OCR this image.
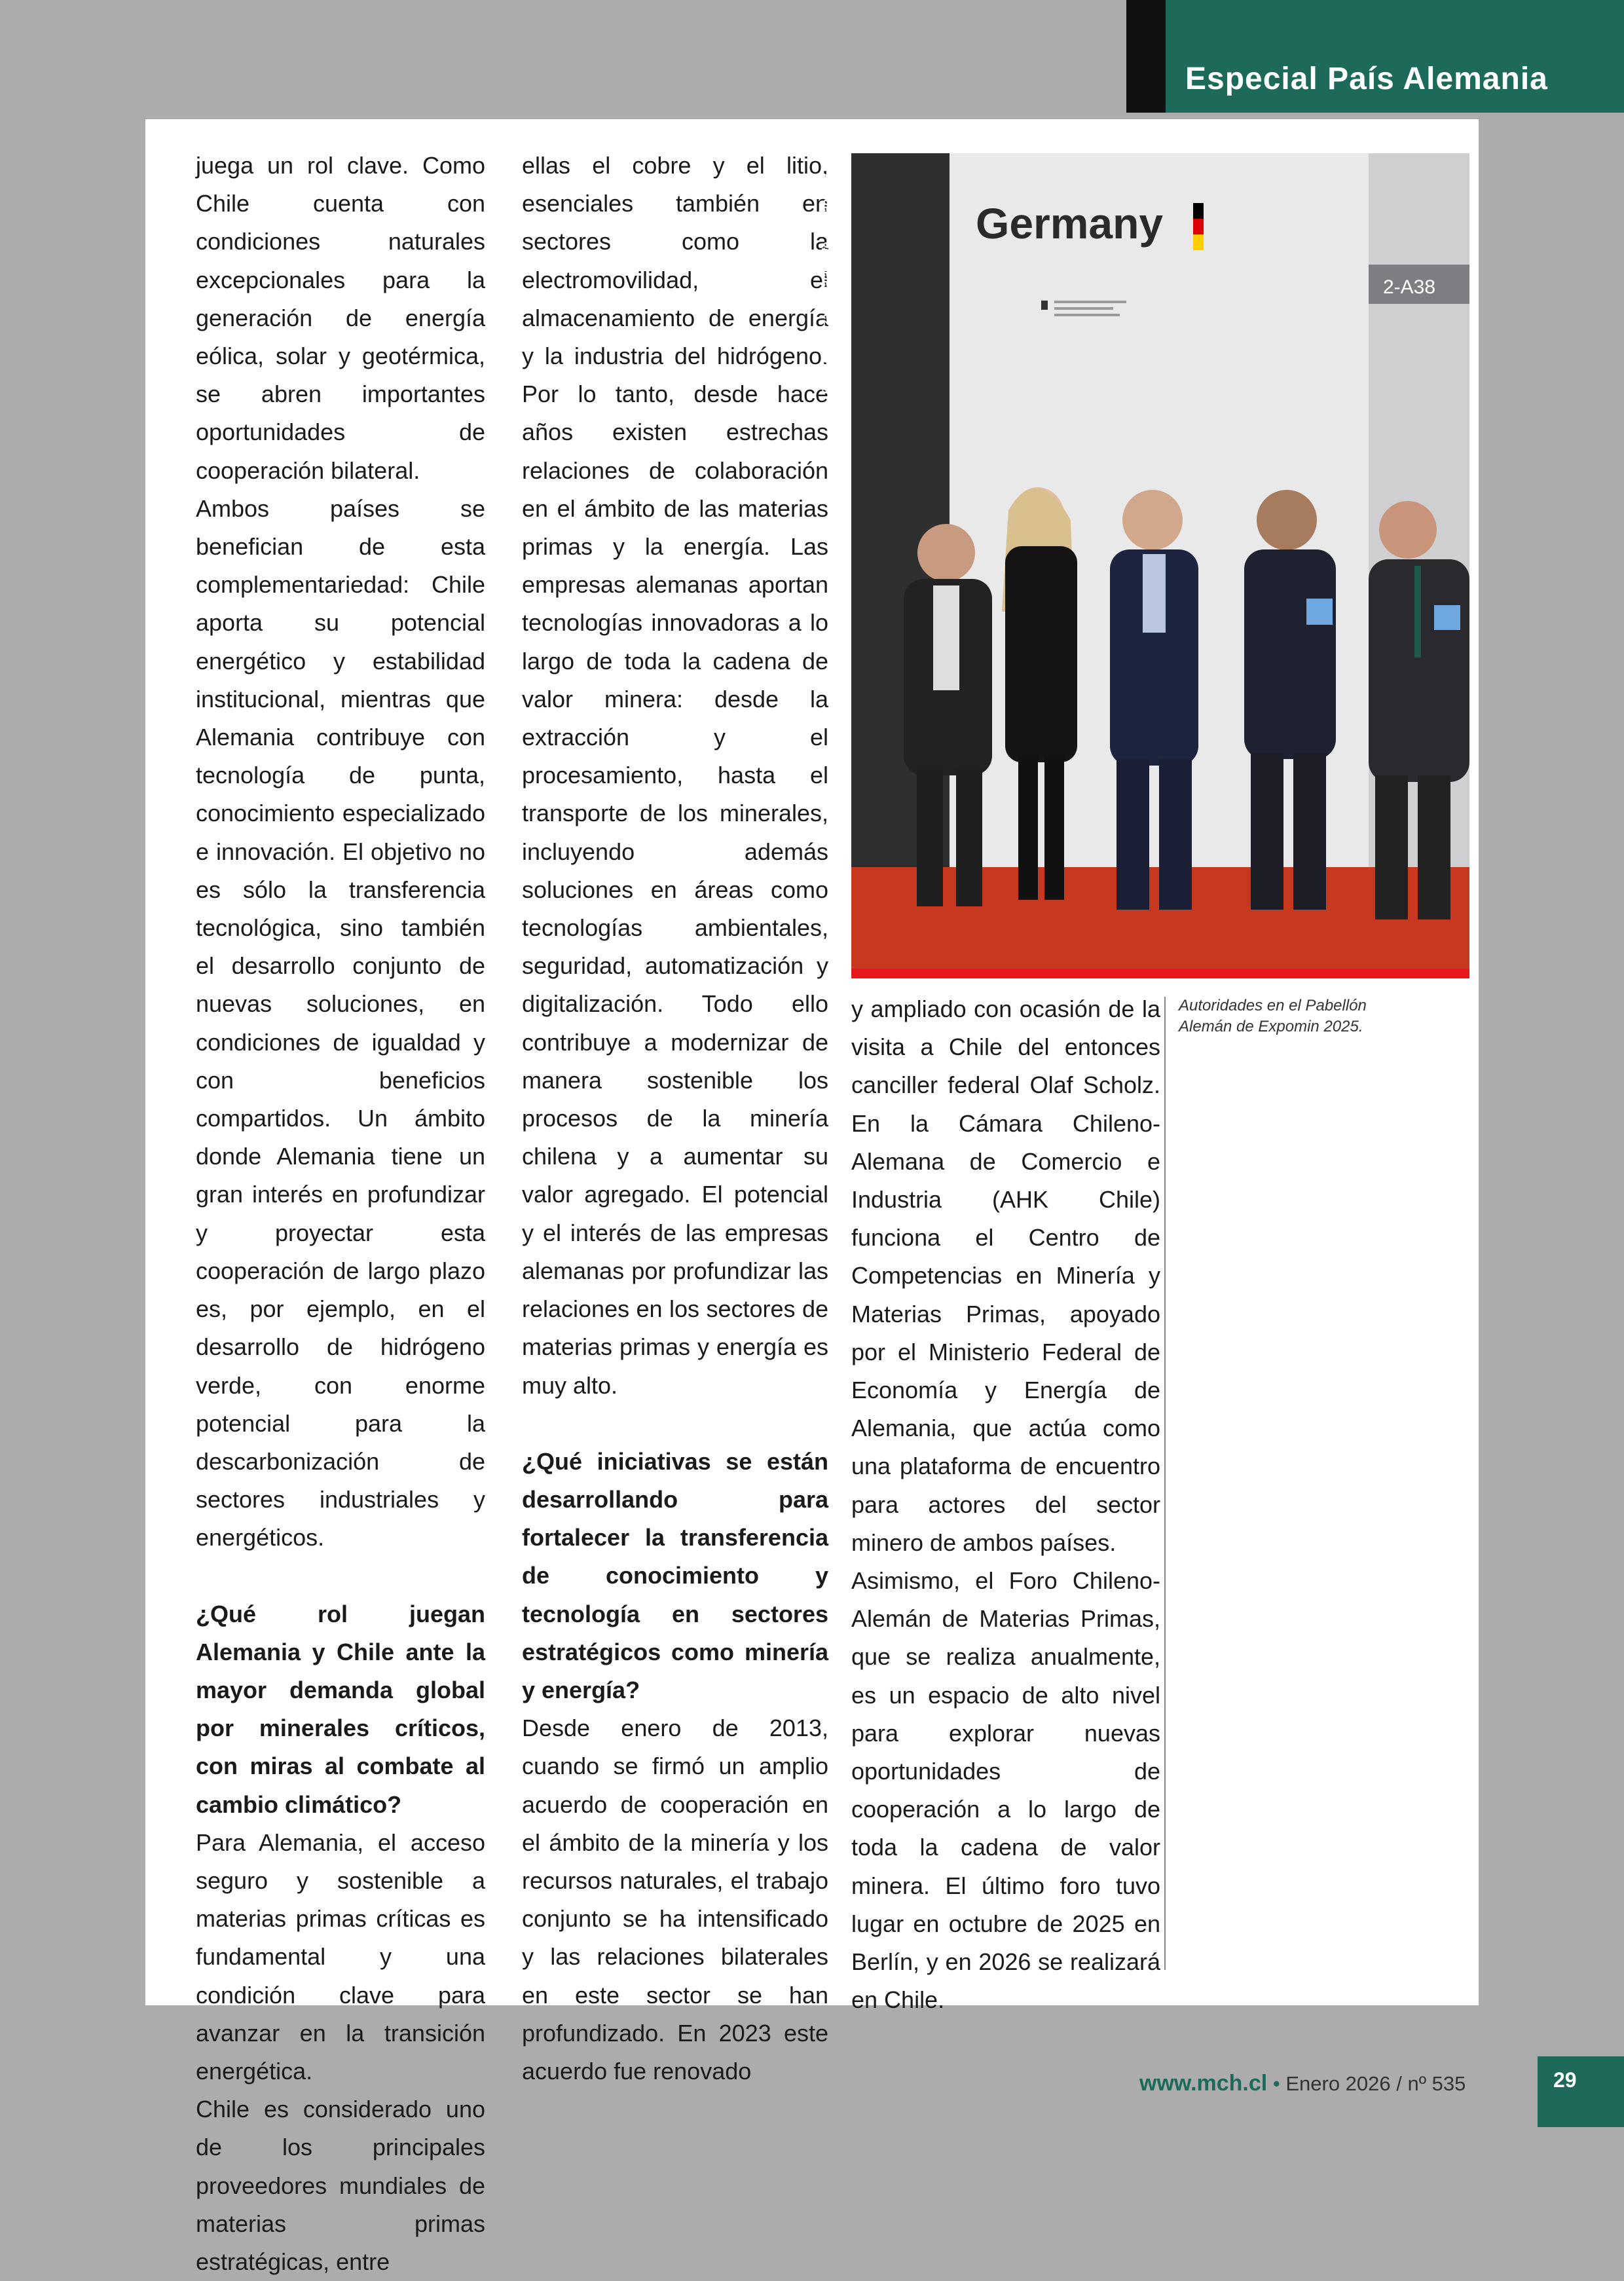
Especial País Alemania

juega un rol clave. Como Chile cuenta con condiciones naturales excepcionales para la generación de energía eólica, solar y geotérmica, se abren importantes oportunidades de cooperación bilateral.

Ambos países se benefician de esta complementariedad: Chile aporta su potencial energético y estabilidad institucional, mientras que Alemania contribuye con tecnología de punta, conocimiento especializado e innovación. El objetivo no es sólo la transferencia tecnológica, sino también el desarrollo conjunto de nuevas soluciones, en condiciones de igualdad y con beneficios compartidos. Un ámbito donde Alemania tiene un gran interés en profundizar y proyectar esta cooperación de largo plazo es, por ejemplo, en el desarrollo de hidrógeno verde, con enorme potencial para la descarbonización de sectores industriales y energéticos.

¿Qué rol juegan Alemania y Chile ante la mayor demanda global por minerales críticos, con miras al combate al cambio climático?

Para Alemania, el acceso seguro y sostenible a materias primas críticas es fundamental y una condición clave para avanzar en la transición energética.

Chile es considerado uno de los principales proveedores mundiales de materias primas estratégicas, entre

ellas el cobre y el litio, esenciales también en sectores como la electromovilidad, el almacenamiento de energía y la industria del hidrógeno. Por lo tanto, desde hace años existen estrechas relaciones de colaboración en el ámbito de las materias primas y la energía. Las empresas alemanas aportan tecnologías innovadoras a lo largo de toda la cadena de valor minera: desde la extracción y el procesamiento, hasta el transporte de los minerales, incluyendo además soluciones en áreas como tecnologías ambientales, seguridad, automatización y digitalización. Todo ello contribuye a modernizar de manera sostenible los procesos de la minería chilena y a aumentar su valor agregado. El potencial y el interés de las empresas alemanas por profundizar las relaciones en los sectores de materias primas y energía es muy alto.

¿Qué iniciativas se están desarrollando para fortalecer la transferencia de conocimiento y tecnología en sectores estratégicos como minería y energía?

Desde enero de 2013, cuando se firmó un amplio acuerdo de cooperación en el ámbito de la minería y los recursos naturales, el trabajo conjunto se ha intensificado y las relaciones bilaterales en este sector se han profundizado. En 2023 este acuerdo fue renovado

Germany
2-A38
Foto: Gentileza Embajada de Alemania en Chile

y ampliado con ocasión de la visita a Chile del entonces canciller federal Olaf Scholz. En la Cámara Chileno-Alemana de Comercio e Industria (AHK Chile) funciona el Centro de Competencias en Minería y Materias Primas, apoyado por el Ministerio Federal de Economía y Energía de Alemania, que actúa como una plataforma de encuentro para actores del sector minero de ambos países.

Asimismo, el Foro Chileno-Alemán de Materias Primas, que se realiza anualmente, es un espacio de alto nivel para explorar nuevas oportunidades de cooperación a lo largo de toda la cadena de valor minera. El último foro tuvo lugar en octubre de 2025 en Berlín, y en 2026 se realizará en Chile.

Autoridades en el Pabellón Alemán de Expomin 2025.
www.mch.cl • Enero 2026 / nº 535	29
